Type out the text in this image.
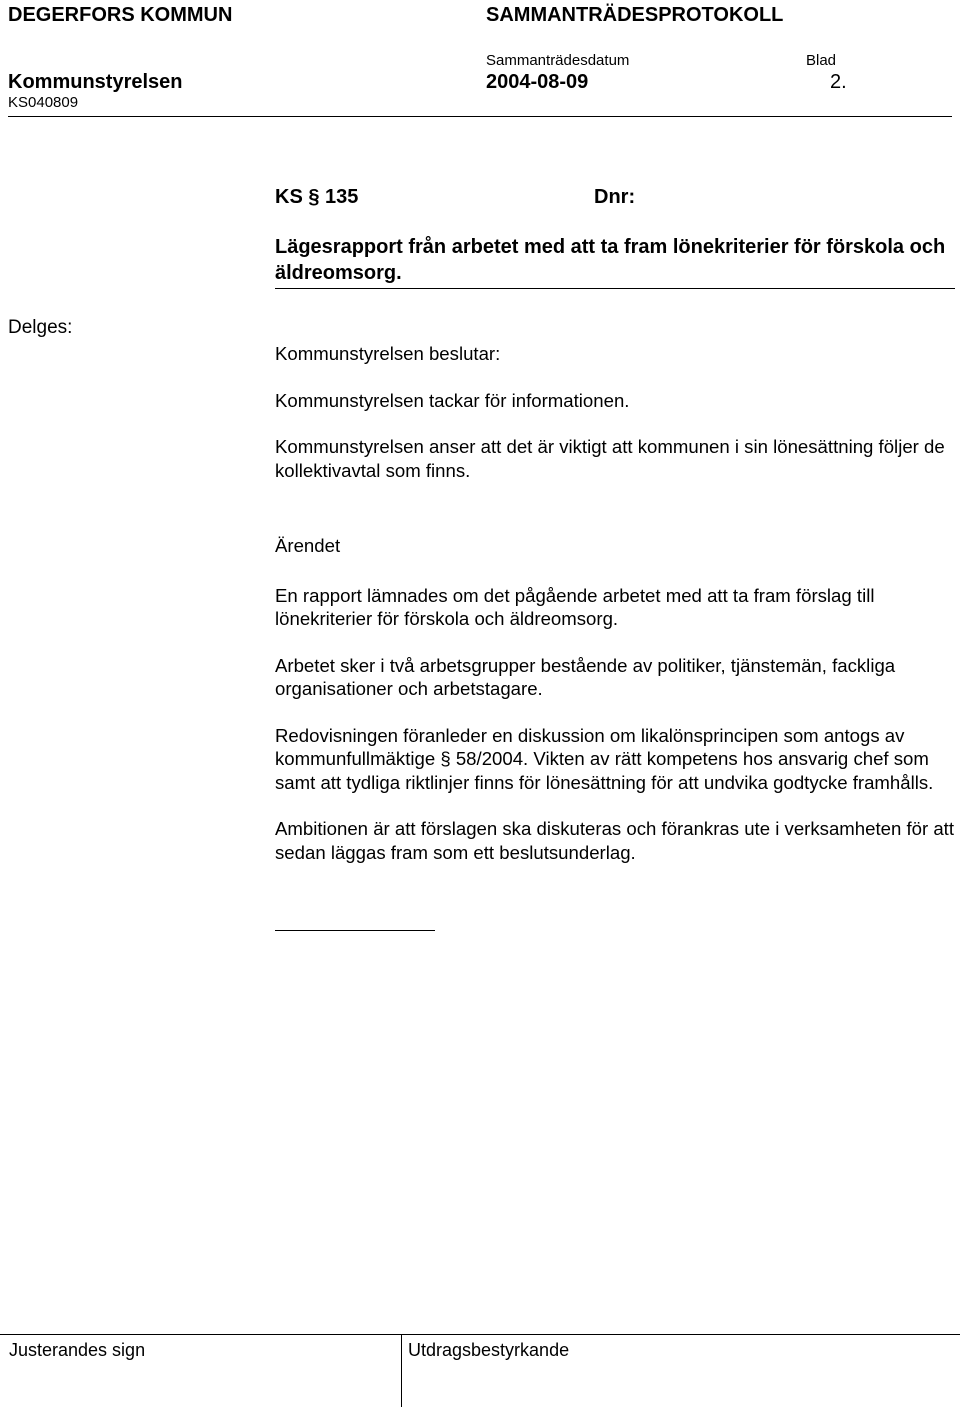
DEGERFORS KOMMUN	SAMMANTRÄDESPROTOKOLL
Sammanträdesdatum	Blad
Kommunstyrelsen	2004-08-09	2.
KS040809
KS § 135	Dnr:
Lägesrapport från arbetet med att ta fram lönekriterier för förskola och äldreomsorg.
Delges:

Kommunstyrelsen beslutar:

Kommunstyrelsen tackar för informationen.

Kommunstyrelsen anser att det är viktigt att kommunen i sin lönesättning följer de kollektivavtal som finns.

Ärendet

En rapport lämnades om det pågående arbetet med att ta fram förslag till lönekriterier för förskola och äldreomsorg.

Arbetet sker i två arbetsgrupper bestående av politiker, tjänstemän, fackliga organisationer och arbetstagare.

Redovisningen föranleder en diskussion om likalönsprincipen som antogs av kommunfullmäktige § 58/2004. Vikten av rätt kompetens hos ansvarig chef som samt att tydliga riktlinjer finns för lönesättning för att undvika godtycke framhålls.

Ambitionen är att förslagen ska diskuteras och förankras ute i verksamheten för att sedan läggas fram som ett beslutsunderlag.

Justerandes sign	Utdragsbestyrkande
